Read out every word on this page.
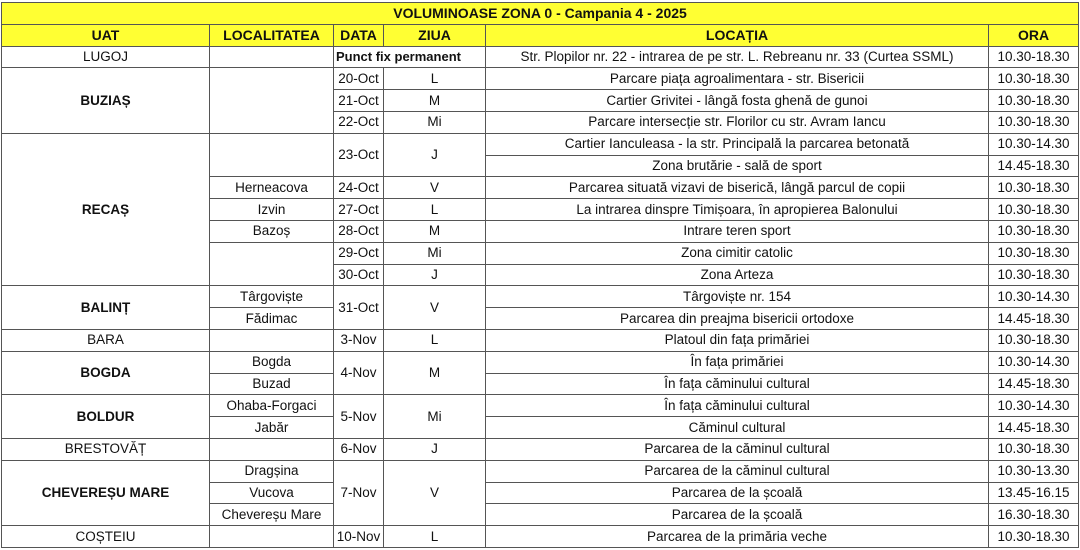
VOLUMINOASE ZONA 0 - Campania 4 - 2025					
UAT	LOCALITATEA	DATA	ZIUA	LOCAȚIA	ORA
LUGOJ		Punct fix permanent		Str. Plopilor nr. 22 - intrarea de pe str. L. Rebreanu nr. 33 (Curtea SSML)	10.30-18.30
BUZIAȘ		20-Oct	L	Parcare piața agroalimentara - str. Bisericii	10.30-18.30
		21-Oct	M	Cartier Grivitei - lângă fosta ghenă de gunoi	10.30-18.30
		22-Oct	Mi	Parcare intersecție str. Florilor cu str. Avram Iancu	10.30-18.30
RECAȘ		23-Oct	J	Cartier Ianculeasa - la str. Principală la parcarea betonată	10.30-14.30
				Zona brutăriе - sală de sport	14.45-18.30
	Herneacova	24-Oct	V	Parcarea situată vizavi de biserică, lângă parcul de copii	10.30-18.30
	Izvin	27-Oct	L	La intrarea dinspre Timișoara, în apropierea Balonului	10.30-18.30
	Bazoș	28-Oct	M	Intrare teren sport	10.30-18.30
		29-Oct	Mi	Zona cimitir catolic	10.30-18.30
		30-Oct	J	Zona Arteza	10.30-18.30
BALINȚ	Târgoviște	31-Oct	V	Târgoviște nr. 154	10.30-14.30
	Fădimac			Parcarea din preajma bisericii ortodoxe	14.45-18.30
BARA		3-Nov	L	Platoul din fața primăriei	10.30-18.30
BOGDA	Bogda	4-Nov	M	În fața primăriei	10.30-14.30
	Buzad			În fața căminului cultural	14.45-18.30
BOLDUR	Ohaba-Forgaci	5-Nov	Mi	În fața căminului cultural	10.30-14.30
	Jabăr			Căminul cultural	14.45-18.30
BRESTOVĂȚ		6-Nov	J	Parcarea de la căminul cultural	10.30-18.30
CHEVEREȘU MARE	Dragșina	7-Nov	V	Parcarea de la căminul cultural	10.30-13.30
	Vucova			Parcarea de la școală	13.45-16.15
	Chevereșu Mare			Parcarea de la școală	16.30-18.30
COȘTEIU		10-Nov	L	Parcarea de la primăria veche	10.30-18.30
